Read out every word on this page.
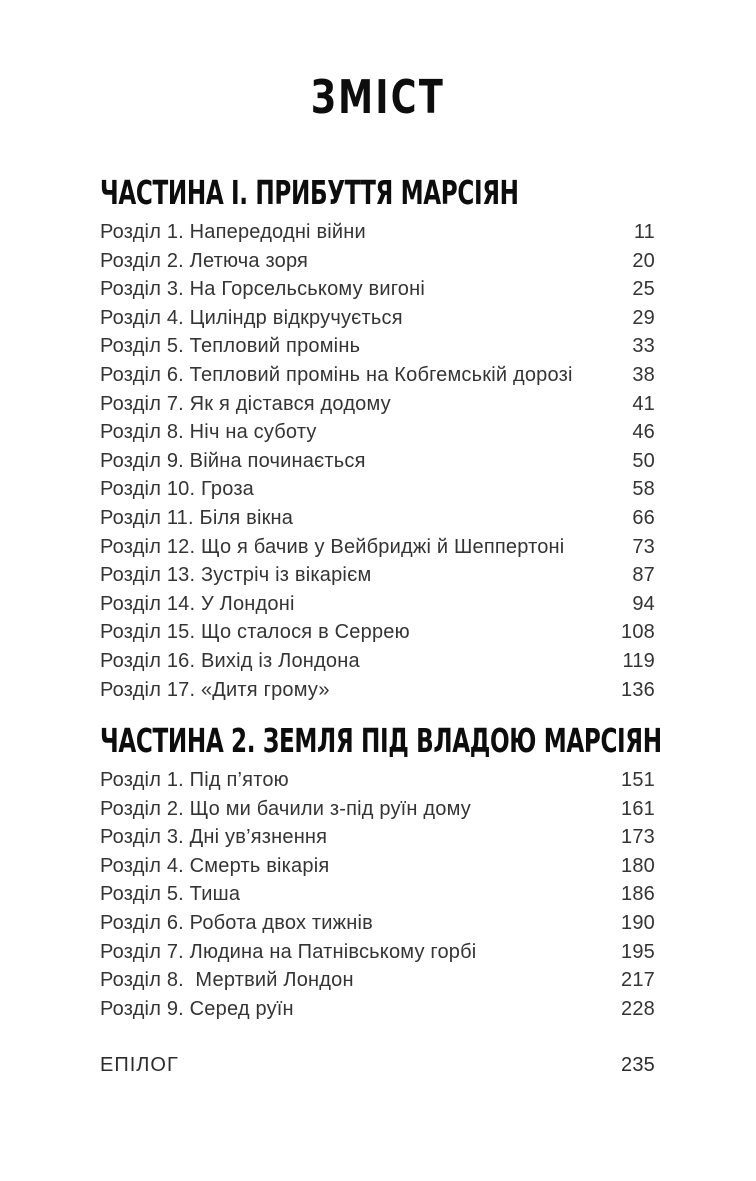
ЗМІСТ
ЧАСТИНА І. ПРИБУТТЯ МАРСІЯН
Розділ 1. Напередодні війни	11
Розділ 2. Летюча зоря	20
Розділ 3. На Горсельському вигоні	25
Розділ 4. Циліндр відкручується	29
Розділ 5. Тепловий промінь	33
Розділ 6. Тепловий промінь на Кобгемській дорозі	38
Розділ 7. Як я дістався додому	41
Розділ 8. Ніч на суботу	46
Розділ 9. Війна починається	50
Розділ 10. Гроза	58
Розділ 11. Біля вікна	66
Розділ 12. Що я бачив у Вейбриджі й Шеппертоні	73
Розділ 13. Зустріч із вікарієм	87
Розділ 14. У Лондоні	94
Розділ 15. Що сталося в Серрею	108
Розділ 16. Вихід із Лондона	119
Розділ 17. «Дитя грому»	136
ЧАСТИНА 2. ЗЕМЛЯ ПІД ВЛАДОЮ МАРСІЯН
Розділ 1. Під п’ятою	151
Розділ 2. Що ми бачили з-під руїн дому	161
Розділ 3. Дні ув’язнення	173
Розділ 4. Смерть вікарія	180
Розділ 5. Тиша	186
Розділ 6. Робота двох тижнів	190
Розділ 7. Людина на Патнівському горбі	195
Розділ 8.  Мертвий Лондон	217
Розділ 9. Серед руїн	228
ЕПІЛОГ	235
